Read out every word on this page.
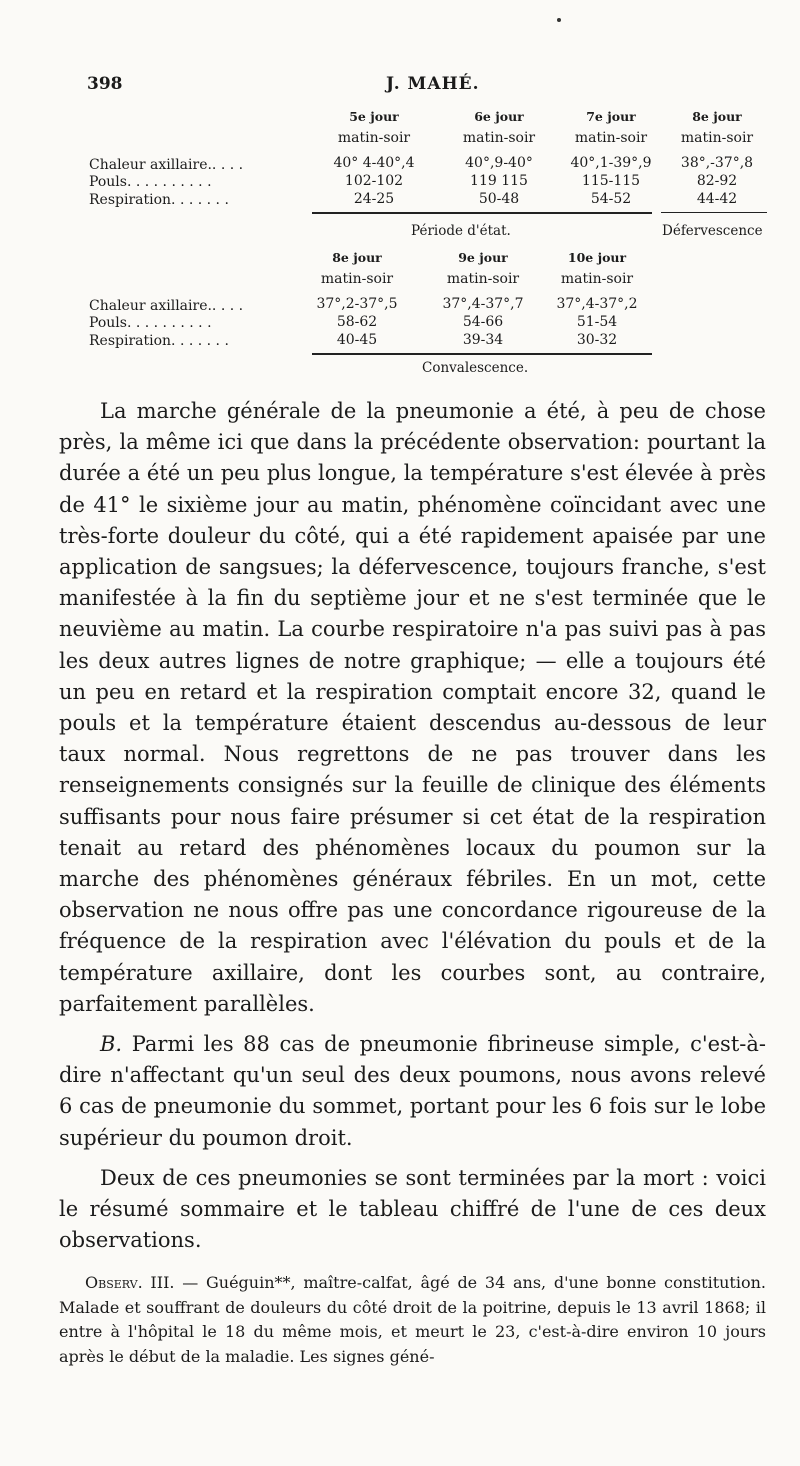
398	J. MAHÉ.
Chaleur axillaire.. . . .
Pouls. . . . . . . . . .
Respiration. . . . . . .
5e jour
matin-soir
40° 4-40°,4
102-102
24-25
6e jour
matin-soir
40°,9-40°
119 115
50-48
7e jour
matin-soir
40°,1-39°,9
115-115
54-52
8e jour
matin-soir
38°,-37°,8
82-92
44-42
Période d'état.	Défervescence
Chaleur axillaire.. . . .
Pouls. . . . . . . . . .
Respiration. . . . . . .
8e jour
matin-soir
37°,2-37°,5
58-62
40-45
9e jour
matin-soir
37°,4-37°,7
54-66
39-34
10e jour
matin-soir
37°,4-37°,2
51-54
30-32
Convalescence.

La marche générale de la pneumonie a été, à peu de chose près, la même ici que dans la précédente observation: pourtant la durée a été un peu plus longue, la température s'est élevée à près de 41° le sixième jour au matin, phénomène coïncidant avec une très-forte douleur du côté, qui a été rapidement apaisée par une application de sangsues; la défervescence, toujours franche, s'est manifestée à la fin du septième jour et ne s'est terminée que le neuvième au matin. La courbe respiratoire n'a pas suivi pas à pas les deux autres lignes de notre graphique; — elle a toujours été un peu en retard et la respiration comptait encore 32, quand le pouls et la température étaient descendus au-dessous de leur taux normal. Nous regrettons de ne pas trouver dans les renseignements consignés sur la feuille de clinique des éléments suffisants pour nous faire présumer si cet état de la respiration tenait au retard des phénomènes locaux du poumon sur la marche des phénomènes généraux fébriles. En un mot, cette observation ne nous offre pas une concordance rigoureuse de la fréquence de la respiration avec l'élévation du pouls et de la température axillaire, dont les courbes sont, au contraire, parfaitement parallèles.

B. Parmi les 88 cas de pneumonie fibrineuse simple, c'est-à-dire n'affectant qu'un seul des deux poumons, nous avons relevé 6 cas de pneumonie du sommet, portant pour les 6 fois sur le lobe supérieur du poumon droit.

Deux de ces pneumonies se sont terminées par la mort : voici le résumé sommaire et le tableau chiffré de l'une de ces deux observations.

Observ. III. — Guéguin**, maître-calfat, âgé de 34 ans, d'une bonne constitution. Malade et souffrant de douleurs du côté droit de la poitrine, depuis le 13 avril 1868; il entre à l'hôpital le 18 du même mois, et meurt le 23, c'est-à-dire environ 10 jours après le début de la maladie. Les signes géné-
